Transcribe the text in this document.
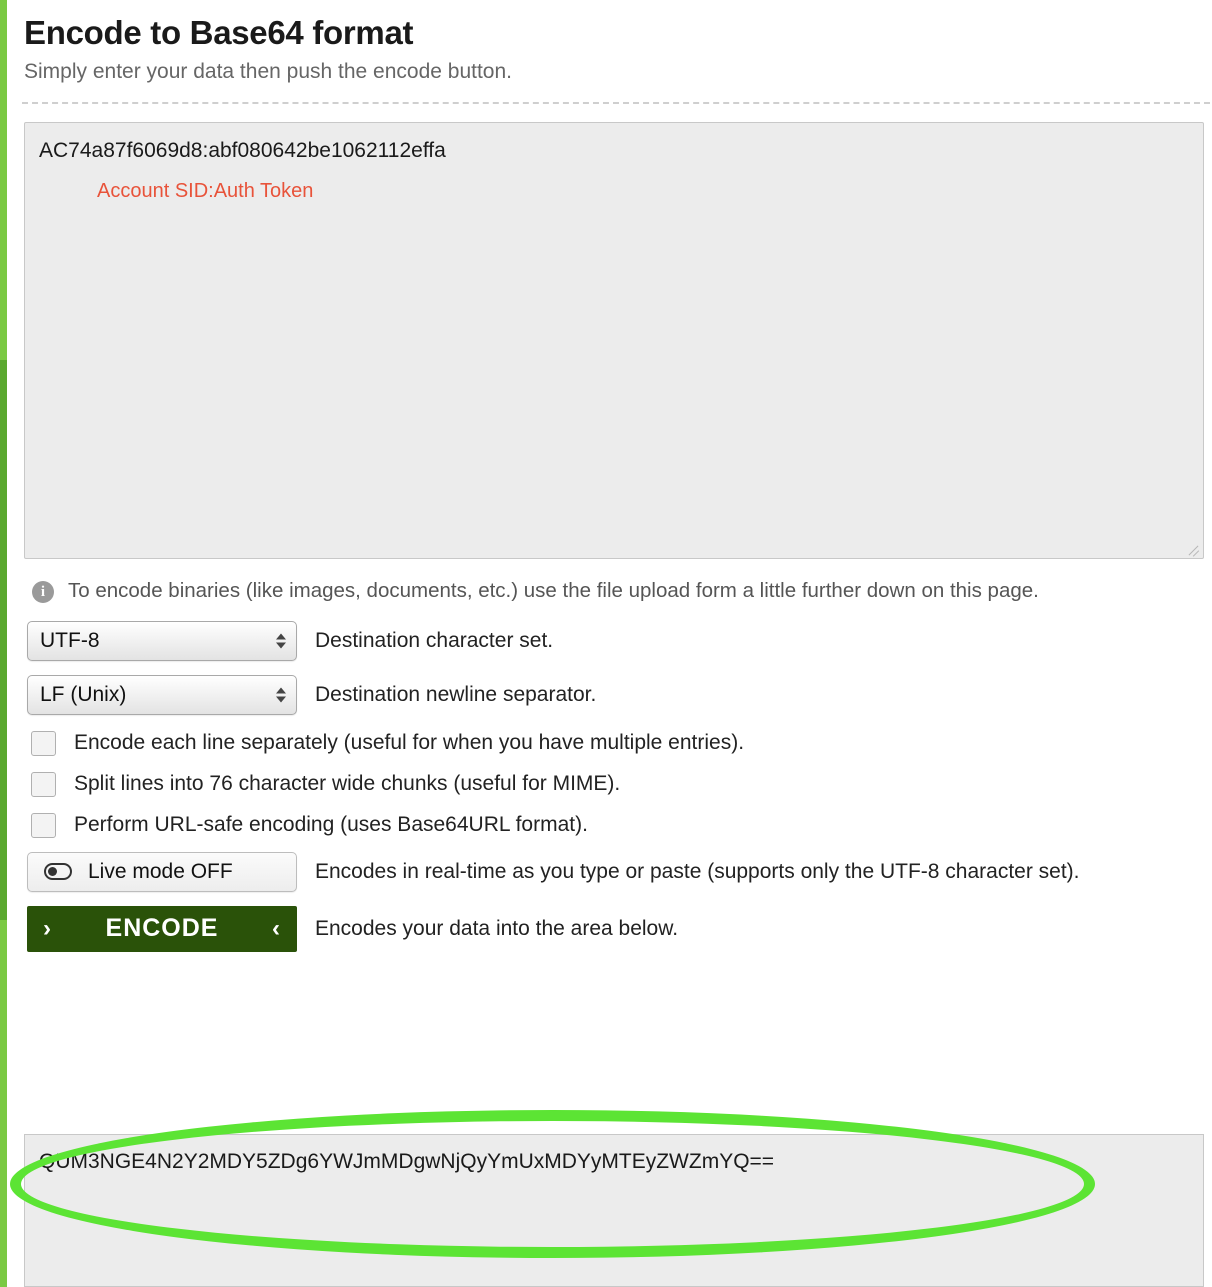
Encode to Base64 format

Simply enter your data then push the encode button.

AC74a87f6069d8:abf080642be1062112effa
Account SID:Auth Token
i	To encode binaries (like images, documents, etc.) use the file upload form a little further down on this page.
UTF-8	Destination character set.
LF (Unix)	Destination newline separator.
Encode each line separately (useful for when you have multiple entries).
Split lines into 76 character wide chunks (useful for MIME).
Perform URL-safe encoding (uses Base64URL format).
Live mode OFF	Encodes in real-time as you type or paste (supports only the UTF-8 character set).
›	ENCODE	‹ Encodes your data into the area below.
QUM3NGE4N2Y2MDY5ZDg6YWJmMDgwNjQyYmUxMDYyMTEyZWZmYQ==
